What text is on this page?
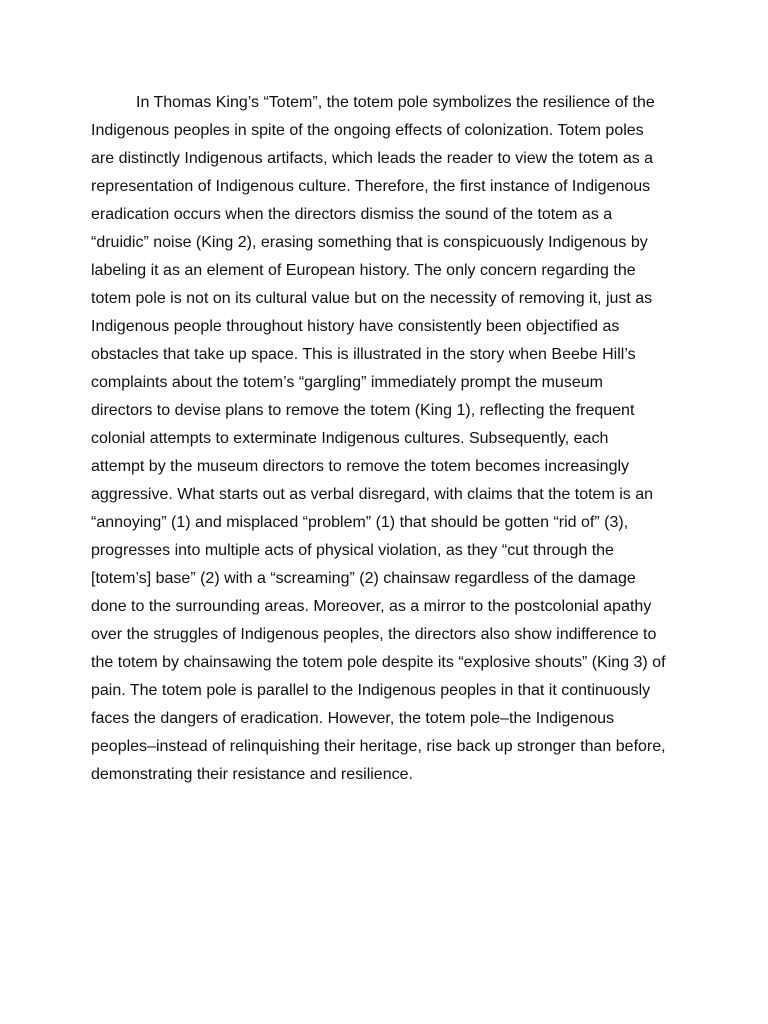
In Thomas King’s “Totem”, the totem pole symbolizes the resilience of the
Indigenous peoples in spite of the ongoing effects of colonization. Totem poles
are distinctly Indigenous artifacts, which leads the reader to view the totem as a
representation of Indigenous culture. Therefore, the first instance of Indigenous
eradication occurs when the directors dismiss the sound of the totem as a
“druidic” noise (King 2), erasing something that is conspicuously Indigenous by
labeling it as an element of European history. The only concern regarding the
totem pole is not on its cultural value but on the necessity of removing it, just as
Indigenous people throughout history have consistently been objectified as
obstacles that take up space. This is illustrated in the story when Beebe Hill’s
complaints about the totem’s “gargling” immediately prompt the museum
directors to devise plans to remove the totem (King 1), reflecting the frequent
colonial attempts to exterminate Indigenous cultures. Subsequently, each
attempt by the museum directors to remove the totem becomes increasingly
aggressive. What starts out as verbal disregard, with claims that the totem is an
“annoying” (1) and misplaced “problem” (1) that should be gotten “rid of” (3),
progresses into multiple acts of physical violation, as they “cut through the
[totem’s] base” (2) with a “screaming” (2) chainsaw regardless of the damage
done to the surrounding areas. Moreover, as a mirror to the postcolonial apathy
over the struggles of Indigenous peoples, the directors also show indifference to
the totem by chainsawing the totem pole despite its “explosive shouts” (King 3) of
pain. The totem pole is parallel to the Indigenous peoples in that it continuously
faces the dangers of eradication. However, the totem pole–the Indigenous
peoples–instead of relinquishing their heritage, rise back up stronger than before,
demonstrating their resistance and resilience.
